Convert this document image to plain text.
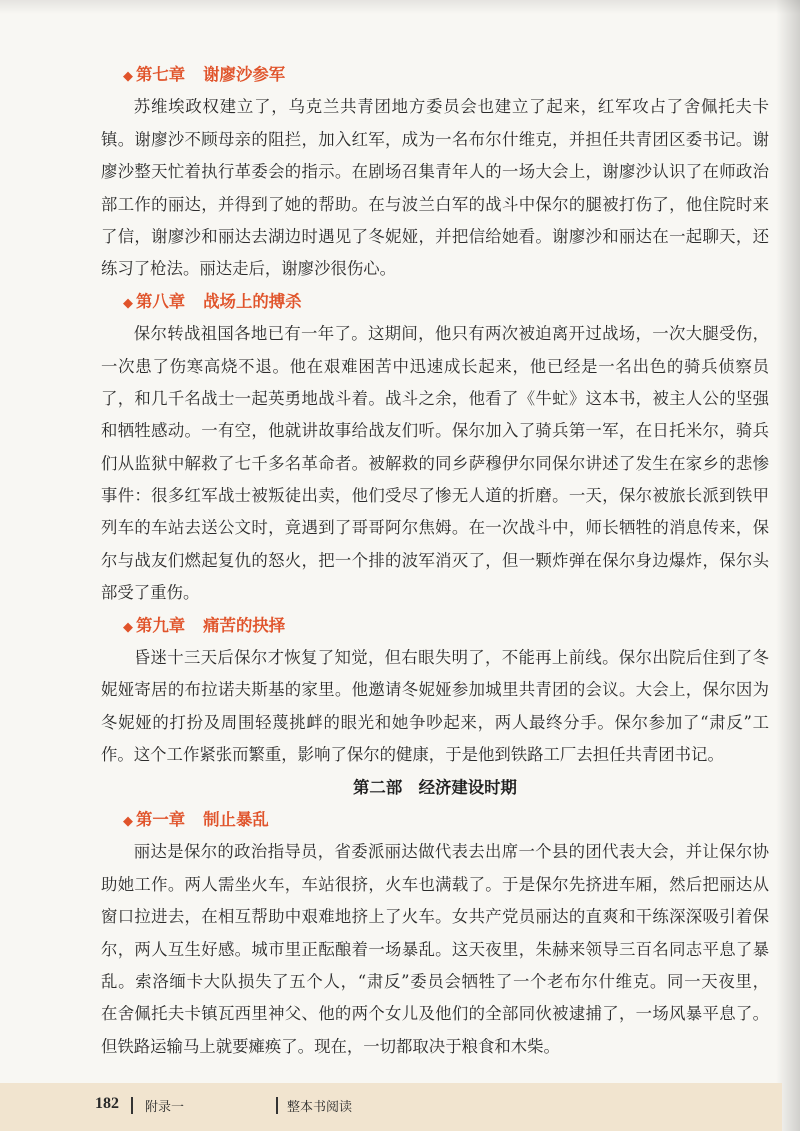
◆ 第七章 谢廖沙参军
苏维埃政权建立了，乌克兰共青团地方委员会也建立了起来，红军攻占了舍佩托夫卡
镇。谢廖沙不顾母亲的阻拦，加入红军，成为一名布尔什维克，并担任共青团区委书记。谢
廖沙整天忙着执行革委会的指示。在剧场召集青年人的一场大会上，谢廖沙认识了在师政治
部工作的丽达，并得到了她的帮助。在与波兰白军的战斗中保尔的腿被打伤了，他住院时来
了信，谢廖沙和丽达去湖边时遇见了冬妮娅，并把信给她看。谢廖沙和丽达在一起聊天，还
练习了枪法。丽达走后，谢廖沙很伤心。
◆ 第八章 战场上的搏杀
保尔转战祖国各地已有一年了。这期间，他只有两次被迫离开过战场，一次大腿受伤，
一次患了伤寒高烧不退。他在艰难困苦中迅速成长起来，他已经是一名出色的骑兵侦察员
了，和几千名战士一起英勇地战斗着。战斗之余，他看了《牛虻》这本书，被主人公的坚强
和牺牲感动。一有空，他就讲故事给战友们听。保尔加入了骑兵第一军，在日托米尔，骑兵
们从监狱中解救了七千多名革命者。被解救的同乡萨穆伊尔同保尔讲述了发生在家乡的悲惨
事件：很多红军战士被叛徒出卖，他们受尽了惨无人道的折磨。一天，保尔被旅长派到铁甲
列车的车站去送公文时，竟遇到了哥哥阿尔焦姆。在一次战斗中，师长牺牲的消息传来，保
尔与战友们燃起复仇的怒火，把一个排的波军消灭了，但一颗炸弹在保尔身边爆炸，保尔头
部受了重伤。
◆ 第九章 痛苦的抉择
昏迷十三天后保尔才恢复了知觉，但右眼失明了，不能再上前线。保尔出院后住到了冬
妮娅寄居的布拉诺夫斯基的家里。他邀请冬妮娅参加城里共青团的会议。大会上，保尔因为
冬妮娅的打扮及周围轻蔑挑衅的眼光和她争吵起来，两人最终分手。保尔参加了“肃反”工
作。这个工作紧张而繁重，影响了保尔的健康，于是他到铁路工厂去担任共青团书记。
第二部　经济建设时期
◆ 第一章 制止暴乱
丽达是保尔的政治指导员，省委派丽达做代表去出席一个县的团代表大会，并让保尔协
助她工作。两人需坐火车，车站很挤，火车也满载了。于是保尔先挤进车厢，然后把丽达从
窗口拉进去，在相互帮助中艰难地挤上了火车。女共产党员丽达的直爽和干练深深吸引着保
尔，两人互生好感。城市里正酝酿着一场暴乱。这天夜里，朱赫来领导三百名同志平息了暴
乱。索洛缅卡大队损失了五个人，“肃反”委员会牺牲了一个老布尔什维克。同一天夜里，
在舍佩托夫卡镇瓦西里神父、他的两个女儿及他们的全部同伙被逮捕了，一场风暴平息了。
但铁路运输马上就要瘫痪了。现在，一切都取决于粮食和木柴。
182 附录一	整本书阅读
